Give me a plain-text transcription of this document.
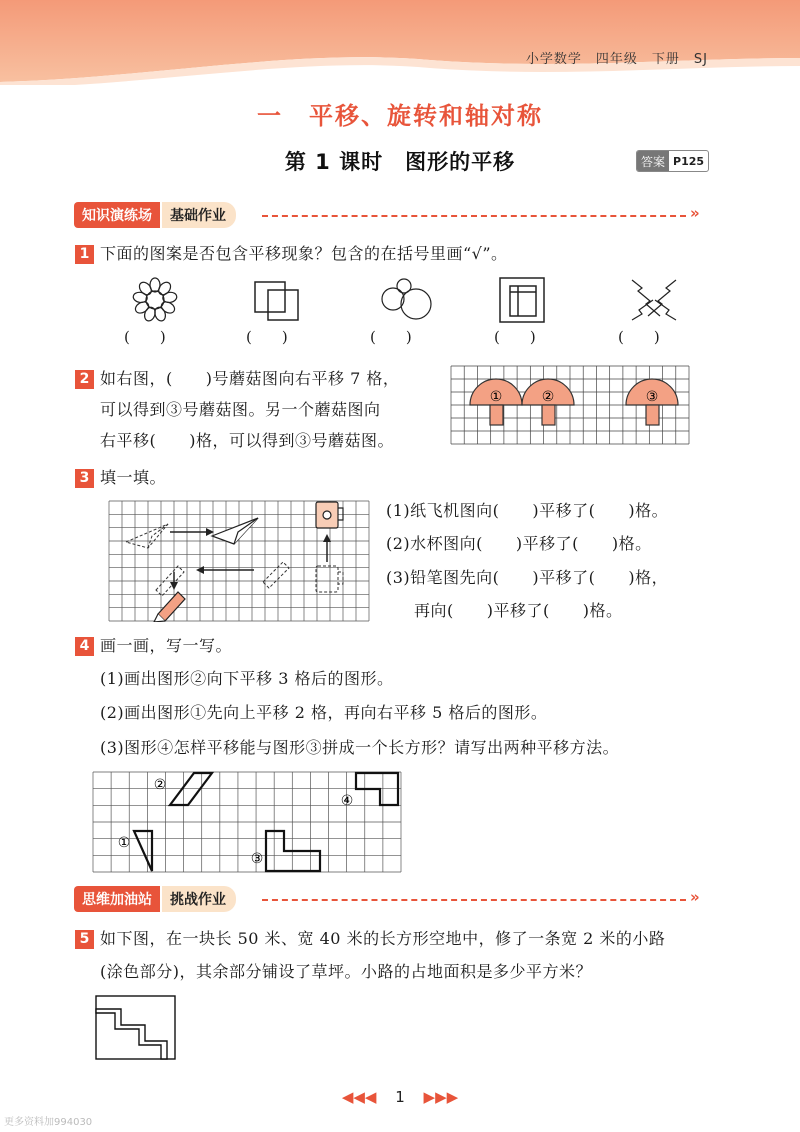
小学数学　四年级　下册　SJ
一　平移、旋转和轴对称
第 1 课时　图形的平移	答案 P125
知识演练场	基础作业	»
1 下面的图案是否包含平移现象？包含的在括号里画“√”。
(　　)	(　　)	(　　)	(　　)	(　　)
2 如右图，(　　)号蘑菇图向右平移 7 格，
可以得到③号蘑菇图。另一个蘑菇图向
右平移(　　)格，可以得到③号蘑菇图。
①	②	③
3 填一填。
(1)纸飞机图向(　　)平移了(　　)格。
(2)水杯图向(　　)平移了(　　)格。
(3)铅笔图先向(　　)平移了(　　)格，
再向(　　)平移了(　　)格。
4 画一画，写一写。
(1)画出图形②向下平移 3 格后的图形。
(2)画出图形①先向上平移 2 格，再向右平移 5 格后的图形。
(3)图形④怎样平移能与图形③拼成一个长方形？请写出两种平移方法。
②
①
③
④
思维加油站	挑战作业	»
5 如下图，在一块长 50 米、宽 40 米的长方形空地中，修了一条宽 2 米的小路
(涂色部分)，其余部分铺设了草坪。小路的占地面积是多少平方米？
◀◀◀ 1 ▶▶▶
更多资料加994030
